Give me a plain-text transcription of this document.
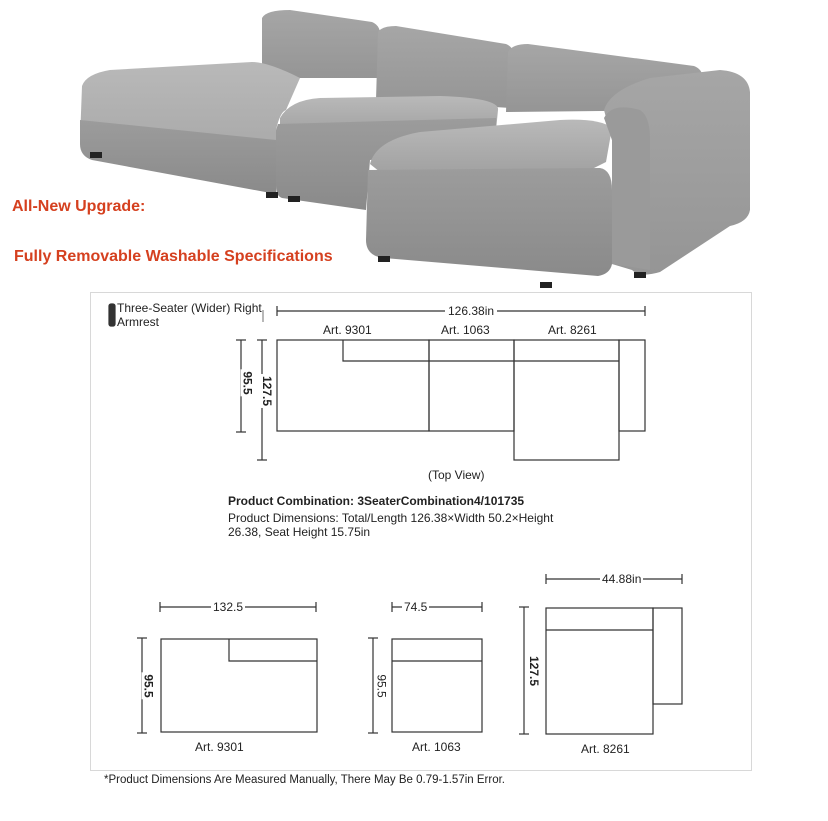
All-New Upgrade:
Fully Removable Washable Specifications
Three-Seater (Wider) Right Armrest
126.38in
Art. 9301	Art. 1063	Art. 8261
95.5 127.5
(Top View)
Product Combination: 3SeaterCombination4/101735
Product Dimensions: Total/Length 126.38×Width 50.2×Height 26.38, Seat Height 15.75in
132.5
95.5
Art. 9301
74.5
95.5
Art. 1063
44.88in
127.5
Art. 8261
*Product Dimensions Are Measured Manually, There May Be 0.79-1.57in Error.
